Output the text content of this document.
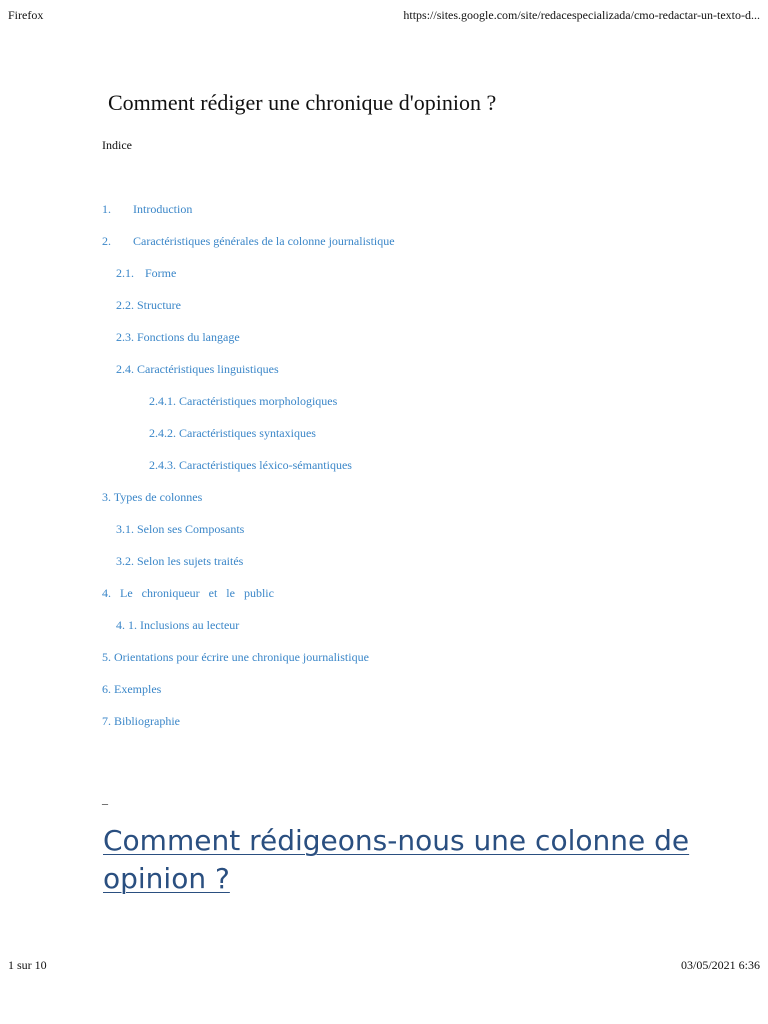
Firefox	https://sites.google.com/site/redacespecializada/cmo-redactar-un-texto-d...
Comment rédiger une chronique d'opinion ?
Indice
1. Introduction
2. Caractéristiques générales de la colonne journalistique
2.1. Forme
2.2. Structure
2.3. Fonctions du langage
2.4. Caractéristiques linguistiques
2.4.1. Caractéristiques morphologiques
2.4.2. Caractéristiques syntaxiques
2.4.3. Caractéristiques léxico-sémantiques
3. Types de colonnes
3.1. Selon ses Composants
3.2. Selon les sujets traités
4. Le   chroniqueur   et   le   public
4. 1. Inclusions au lecteur
5. Orientations pour écrire une chronique journalistique
6. Exemples
7. Bibliographie
_
Comment rédigeons-nous une colonne de opinion ?
1 sur 10	03/05/2021 6:36
